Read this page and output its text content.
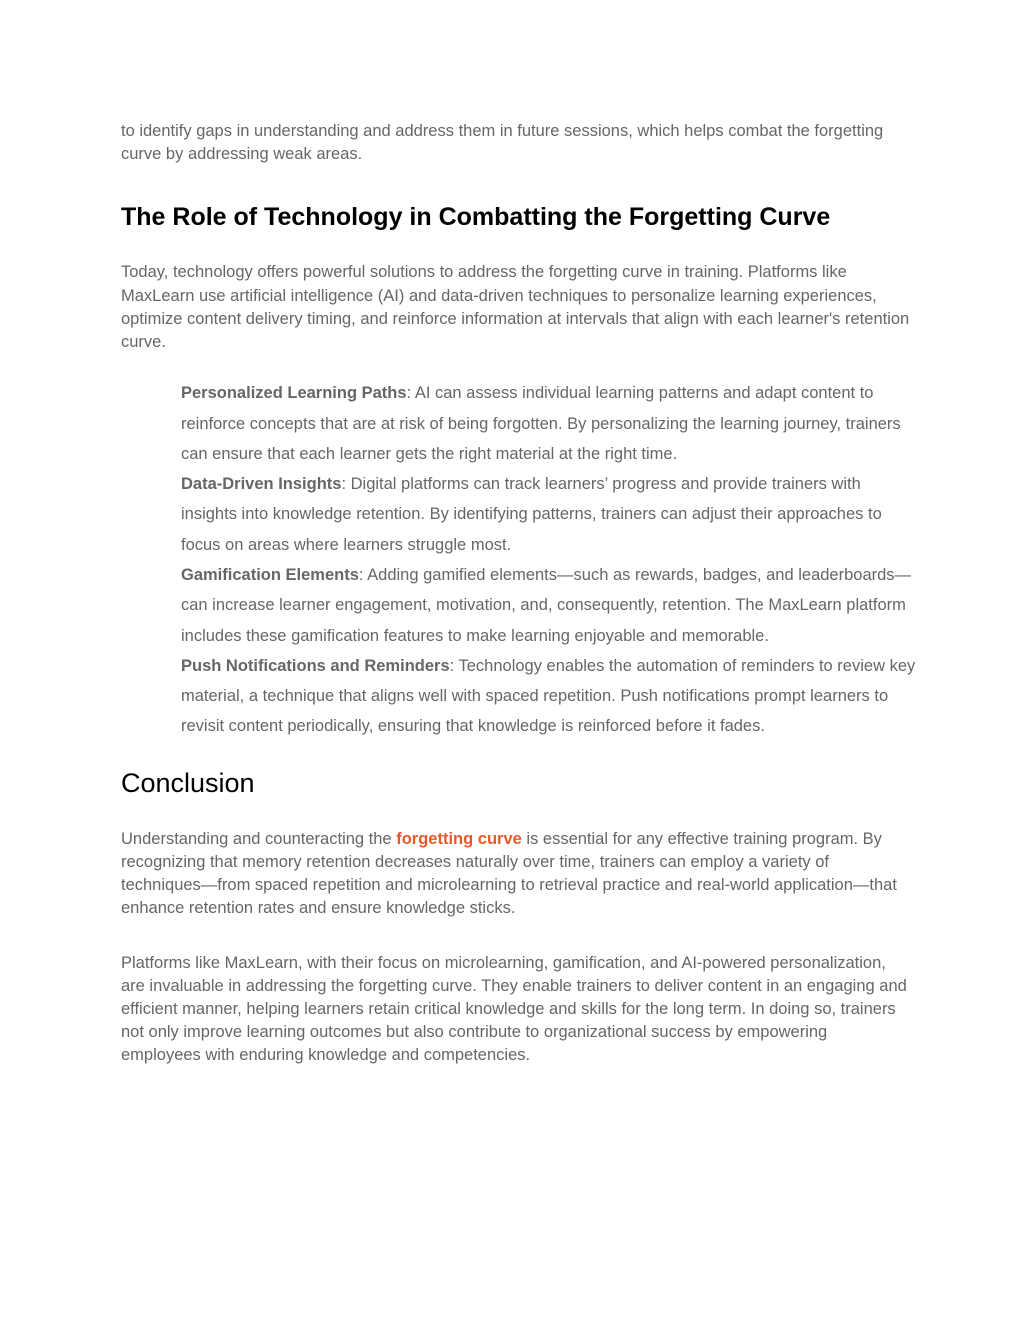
to identify gaps in understanding and address them in future sessions, which helps combat the forgetting curve by addressing weak areas.

The Role of Technology in Combatting the Forgetting Curve

Today, technology offers powerful solutions to address the forgetting curve in training. Platforms like MaxLearn use artificial intelligence (AI) and data-driven techniques to personalize learning experiences, optimize content delivery timing, and reinforce information at intervals that align with each learner's retention curve.

Personalized Learning Paths: AI can assess individual learning patterns and adapt content to reinforce concepts that are at risk of being forgotten. By personalizing the learning journey, trainers can ensure that each learner gets the right material at the right time.
Data-Driven Insights: Digital platforms can track learners’ progress and provide trainers with insights into knowledge retention. By identifying patterns, trainers can adjust their approaches to focus on areas where learners struggle most.
Gamification Elements: Adding gamified elements—such as rewards, badges, and leaderboards—can increase learner engagement, motivation, and, consequently, retention. The MaxLearn platform includes these gamification features to make learning enjoyable and memorable.
Push Notifications and Reminders: Technology enables the automation of reminders to review key material, a technique that aligns well with spaced repetition. Push notifications prompt learners to revisit content periodically, ensuring that knowledge is reinforced before it fades.
Conclusion

Understanding and counteracting the forgetting curve is essential for any effective training program. By recognizing that memory retention decreases naturally over time, trainers can employ a variety of techniques—from spaced repetition and microlearning to retrieval practice and real-world application—that enhance retention rates and ensure knowledge sticks.

Platforms like MaxLearn, with their focus on microlearning, gamification, and AI-powered personalization, are invaluable in addressing the forgetting curve. They enable trainers to deliver content in an engaging and efficient manner, helping learners retain critical knowledge and skills for the long term. In doing so, trainers not only improve learning outcomes but also contribute to organizational success by empowering employees with enduring knowledge and competencies.
